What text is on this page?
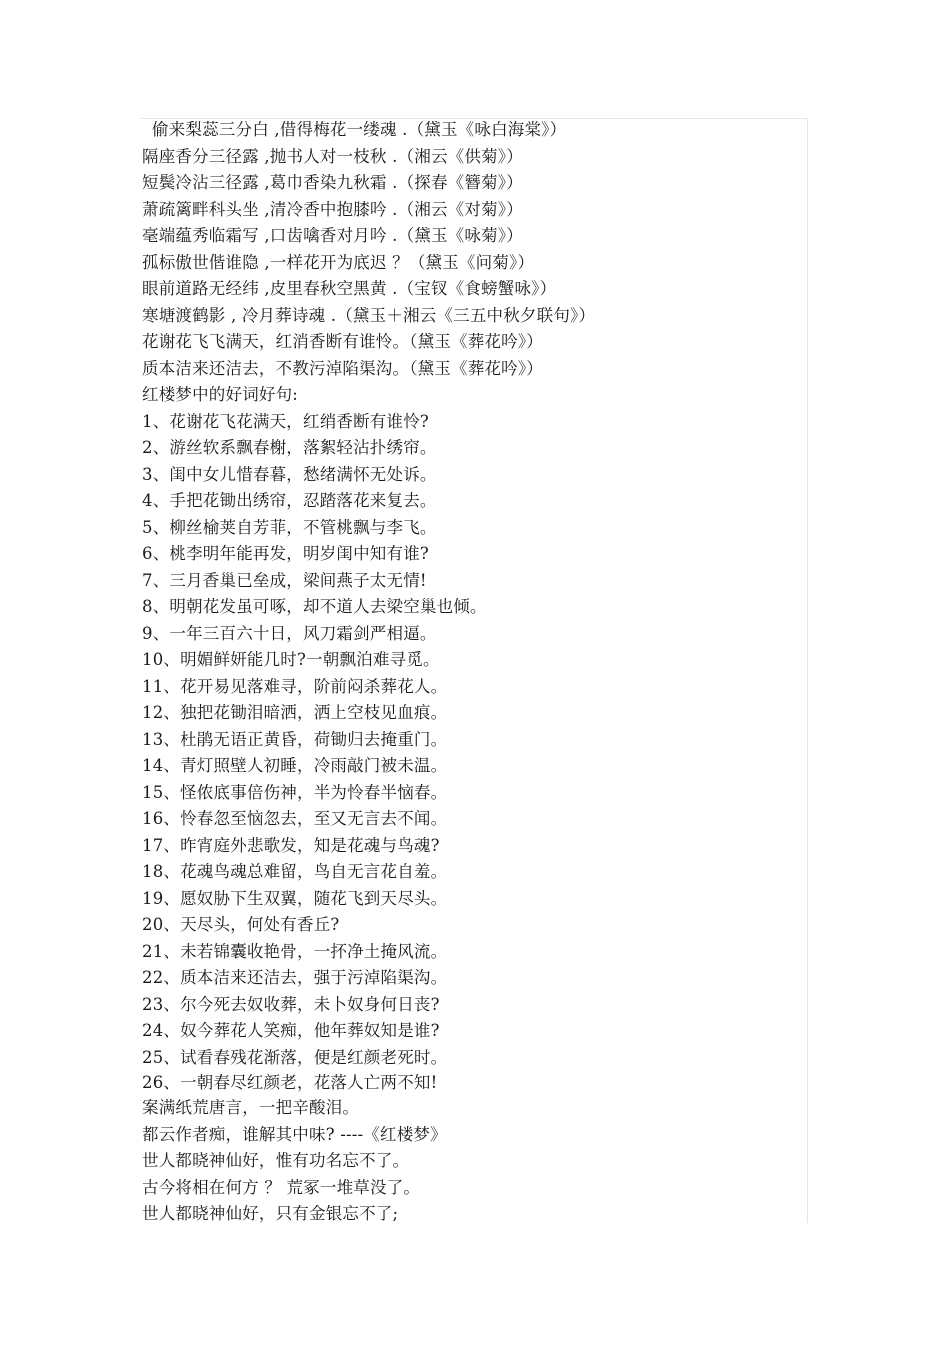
偷来梨蕊三分白 ,借得梅花一缕魂 .（黛玉《咏白海棠》）
隔座香分三径露 ,抛书人对一枝秋 .（湘云《供菊》）
短鬓冷沾三径露 ,葛巾香染九秋霜 .（探春《簪菊》）
萧疏篱畔科头坐 ,清冷香中抱膝吟 .（湘云《对菊》）
毫端蕴秀临霜写 ,口齿噙香对月吟 .（黛玉《咏菊》）
孤标傲世偕谁隐 ,一样花开为底迟 ？（黛玉《问菊》）
眼前道路无经纬 ,皮里春秋空黑黄 .（宝钗《食螃蟹咏》）
寒塘渡鹤影 , 冷月葬诗魂 .（黛玉＋湘云《三五中秋夕联句》）
花谢花飞飞满天，红消香断有谁怜。（黛玉《葬花吟》）
质本洁来还洁去，不教污淖陷渠沟。（黛玉《葬花吟》）
红楼梦中的好词好句:
1、花谢花飞花满天，红绡香断有谁怜?
2、游丝软系飘春榭，落絮轻沾扑绣帘。
3、闺中女儿惜春暮，愁绪满怀无处诉。
4、手把花锄出绣帘，忍踏落花来复去。
5、柳丝榆荚自芳菲，不管桃飘与李飞。
6、桃李明年能再发，明岁闺中知有谁?
7、三月香巢已垒成，梁间燕子太无情!
8、明朝花发虽可啄，却不道人去梁空巢也倾。
9、一年三百六十日，风刀霜剑严相逼。
10、明媚鲜妍能几时?一朝飘泊难寻觅。
11、花开易见落难寻，阶前闷杀葬花人。
12、独把花锄泪暗洒，洒上空枝见血痕。
13、杜鹃无语正黄昏，荷锄归去掩重门。
14、青灯照壁人初睡，冷雨敲门被未温。
15、怪侬底事倍伤神，半为怜春半恼春。
16、怜春忽至恼忽去，至又无言去不闻。
17、昨宵庭外悲歌发，知是花魂与鸟魂?
18、花魂鸟魂总难留，鸟自无言花自羞。
19、愿奴胁下生双翼，随花飞到天尽头。
20、天尽头，何处有香丘?
21、未若锦囊收艳骨，一抔净土掩风流。
22、质本洁来还洁去，强于污淖陷渠沟。
23、尔今死去奴收葬，未卜奴身何日丧?
24、奴今葬花人笑痴，他年葬奴知是谁?
25、试看春残花渐落，便是红颜老死时。
26、一朝春尽红颜老，花落人亡两不知!
案满纸荒唐言，一把辛酸泪。
都云作者痴，谁解其中味? ----《红楼梦》
世人都晓神仙好，惟有功名忘不了。
古今将相在何方 ？ 荒冢一堆草没了。
世人都晓神仙好，只有金银忘不了;
